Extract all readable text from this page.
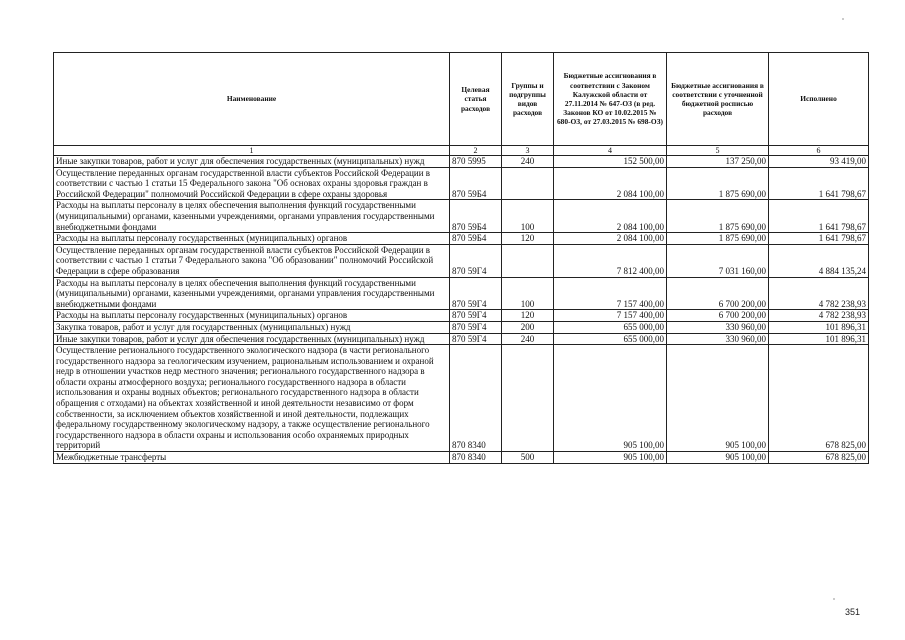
Наименование	Целевая статья расходов	Группы и подгруппы видов расходов	Бюджетные ассигнования в соответствии с Законом Калужской области от 27.11.2014 № 647-ОЗ (в ред. Законов КО от 10.02.2015 № 680-ОЗ, от 27.03.2015 № 698-ОЗ)	Бюджетные ассигнования в соответствии с уточненной бюджетной росписью расходов	Исполнено
1	2	3	4	5	6
Иные закупки товаров, работ и услуг для обеспечения государственных (муниципальных) нужд	870 5995	240	152 500,00	137 250,00	93 419,00
Осуществление переданных органам государственной власти субъектов Российской Федерации в соответствии с частью 1 статьи 15 Федерального закона "Об основах охраны здоровья граждан в Российской Федерации" полномочий Российской Федерации в сфере охраны здоровья	870 59Б4		2 084 100,00	1 875 690,00	1 641 798,67
Расходы на выплаты персоналу в целях обеспечения выполнения функций государственными (муниципальными) органами, казенными учреждениями, органами управления государственными внебюджетными фондами	870 59Б4	100	2 084 100,00	1 875 690,00	1 641 798,67
Расходы на выплаты персоналу государственных (муниципальных) органов	870 59Б4	120	2 084 100,00	1 875 690,00	1 641 798,67
Осуществление переданных органам государственной власти субъектов Российской Федерации в соответствии с частью 1 статьи 7 Федерального закона "Об образовании" полномочий Российской Федерации в сфере образования	870 59Г4		7 812 400,00	7 031 160,00	4 884 135,24
Расходы на выплаты персоналу в целях обеспечения выполнения функций государственными (муниципальными) органами, казенными учреждениями, органами управления государственными внебюджетными фондами	870 59Г4	100	7 157 400,00	6 700 200,00	4 782 238,93
Расходы на выплаты персоналу государственных (муниципальных) органов	870 59Г4	120	7 157 400,00	6 700 200,00	4 782 238,93
Закупка товаров, работ и услуг для государственных (муниципальных) нужд	870 59Г4	200	655 000,00	330 960,00	101 896,31
Иные закупки товаров, работ и услуг для обеспечения государственных (муниципальных) нужд	870 59Г4	240	655 000,00	330 960,00	101 896,31
Осуществление регионального государственного экологического надзора (в части регионального государственного надзора за геологическим изучением, рациональным использованием и охраной недр в отношении участков недр местного значения; регионального государственного надзора в области охраны атмосферного воздуха; регионального государственного надзора в области использования и охраны водных объектов; регионального государственного надзора в области обращения с отходами) на объектах хозяйственной и иной деятельности независимо от форм собственности, за исключением объектов хозяйственной и иной деятельности, подлежащих федеральному государственному экологическому надзору, а также осуществление регионального государственного надзора в области охраны и использования особо охраняемых природных территорий	870 8340		905 100,00	905 100,00	678 825,00
Межбюджетные трансферты	870 8340	500	905 100,00	905 100,00	678 825,00
351
